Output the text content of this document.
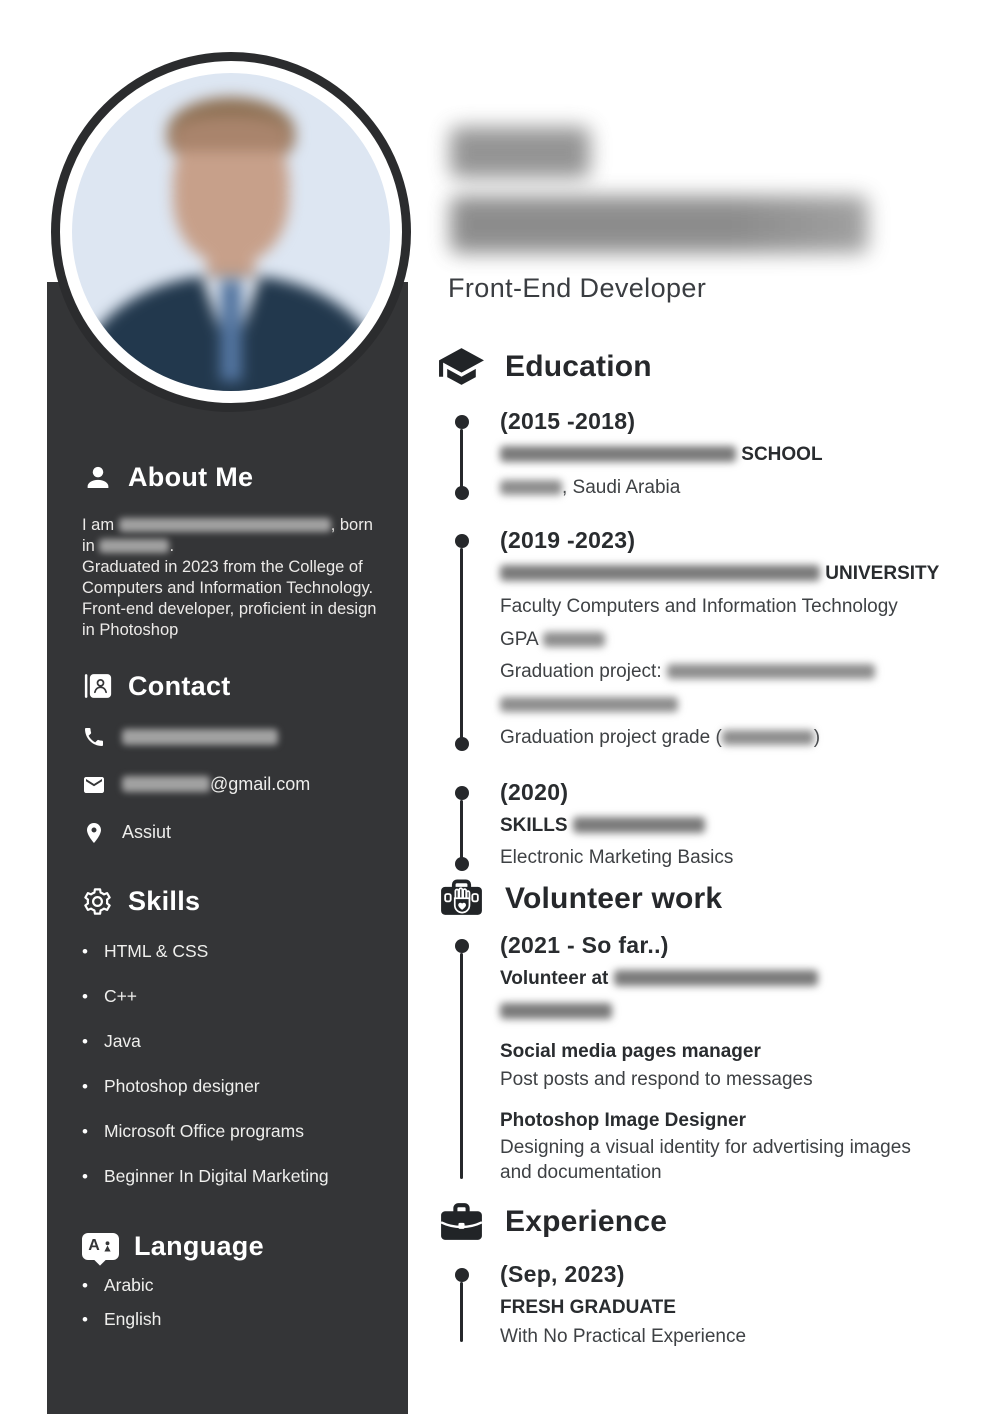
About Me
I am	, born
in	.
Graduated in 2023 from the College of Computers and Information Technology.
Front-end developer, proficient in design in Photoshop
Contact
@gmail.com
Assiut
Skills
• HTML & CSS
• C++
• Java
• Photoshop designer
• Microsoft Office programs
• Beginner In Digital Marketing
A Language
• Arabic
• English
Front-End Developer
Education
(2015 -2018)
SCHOOL
, Saudi Arabia
(2019 -2023)
UNIVERSITY
Faculty Computers and Information Technology
GPA
Graduation project:
Graduation project grade (	)
(2020)
SKILLS
Electronic Marketing Basics
Volunteer work
(2021 - So far..)
Volunteer at
Social media pages manager
Post posts and respond to messages
Photoshop Image Designer
Designing a visual identity for advertising images and documentation
Experience
(Sep, 2023)
FRESH GRADUATE
With No Practical Experience
